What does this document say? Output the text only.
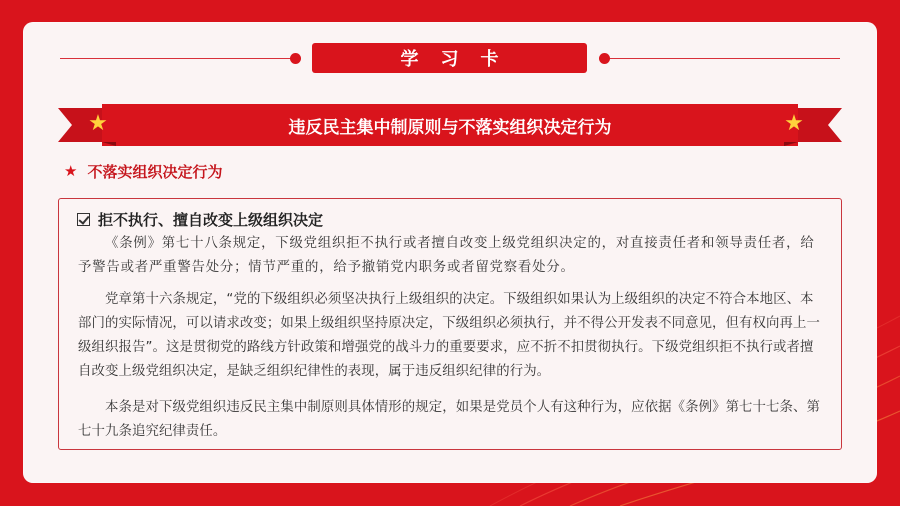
学习卡
★	★
违反民主集中制原则与不落实组织决定行为
★ 不落实组织决定行为
拒不执行、擅自改变上级组织决定

《条例》第七十八条规定，下级党组织拒不执行或者擅自改变上级党组织决定的，对直接责任者和领导责任者，给予警告或者严重警告处分；情节严重的，给予撤销党内职务或者留党察看处分。

党章第十六条规定，“党的下级组织必须坚决执行上级组织的决定。下级组织如果认为上级组织的决定不符合本地区、本部门的实际情况，可以请求改变；如果上级组织坚持原决定，下级组织必须执行，并不得公开发表不同意见，但有权向再上一级组织报告”。这是贯彻党的路线方针政策和增强党的战斗力的重要要求，应不折不扣贯彻执行。下级党组织拒不执行或者擅自改变上级党组织决定，是缺乏组织纪律性的表现，属于违反组织纪律的行为。

本条是对下级党组织违反民主集中制原则具体情形的规定，如果是党员个人有这种行为，应依据《条例》第七十七条、第七十九条追究纪律责任。
